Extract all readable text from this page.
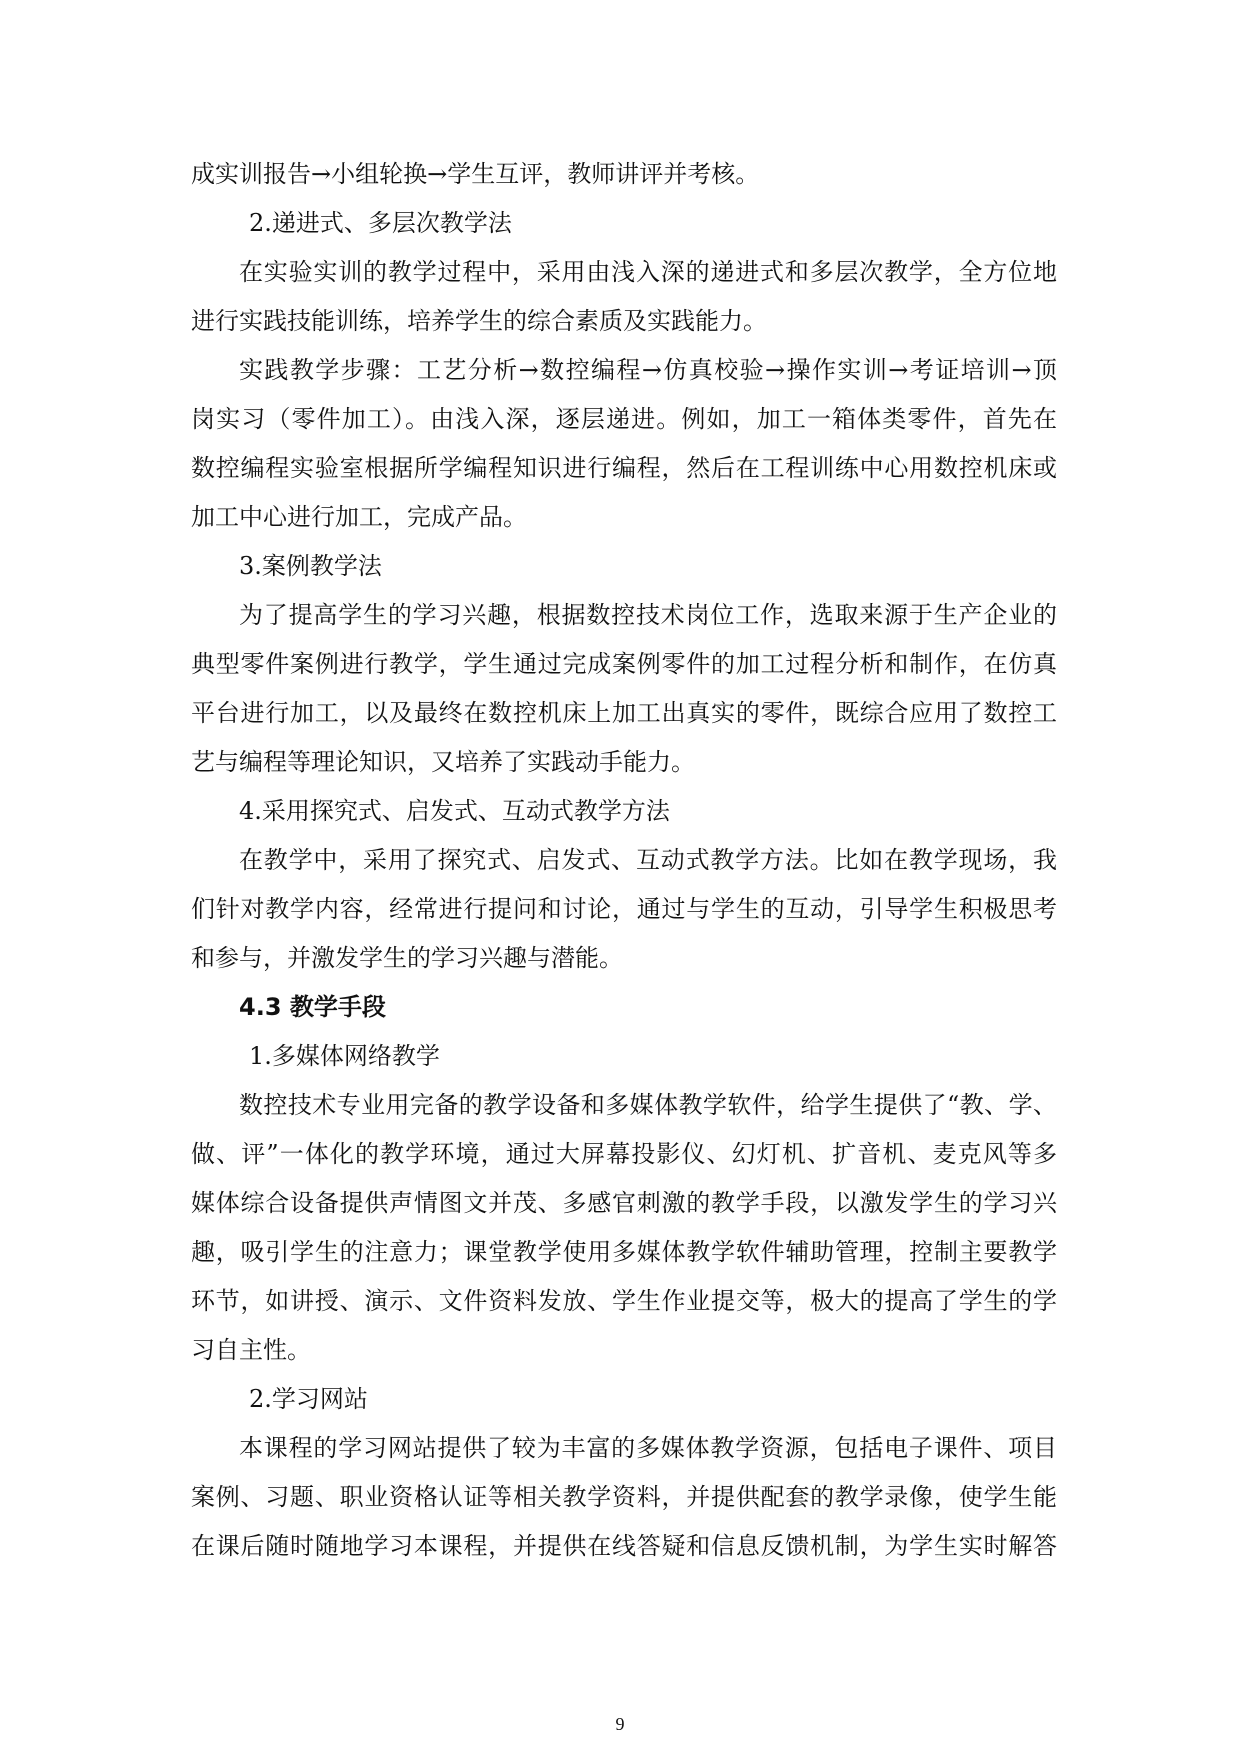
成实训报告→小组轮换→学生互评，教师讲评并考核。
2.递进式、多层次教学法
在实验实训的教学过程中，采用由浅入深的递进式和多层次教学，全方位地
进行实践技能训练，培养学生的综合素质及实践能力。
实践教学步骤：工艺分析→数控编程→仿真校验→操作实训→考证培训→顶
岗实习（零件加工）。由浅入深，逐层递进。例如，加工一箱体类零件，首先在
数控编程实验室根据所学编程知识进行编程，然后在工程训练中心用数控机床或
加工中心进行加工，完成产品。
3.案例教学法
为了提高学生的学习兴趣，根据数控技术岗位工作，选取来源于生产企业的
典型零件案例进行教学，学生通过完成案例零件的加工过程分析和制作，在仿真
平台进行加工，以及最终在数控机床上加工出真实的零件，既综合应用了数控工
艺与编程等理论知识，又培养了实践动手能力。
4.采用探究式、启发式、互动式教学方法
在教学中，采用了探究式、启发式、互动式教学方法。比如在教学现场，我
们针对教学内容，经常进行提问和讨论，通过与学生的互动，引导学生积极思考
和参与，并激发学生的学习兴趣与潜能。
4.3 教学手段
1.多媒体网络教学
数控技术专业用完备的教学设备和多媒体教学软件，给学生提供了“教、学、
做、评”一体化的教学环境，通过大屏幕投影仪、幻灯机、扩音机、麦克风等多
媒体综合设备提供声情图文并茂、多感官刺激的教学手段，以激发学生的学习兴
趣，吸引学生的注意力；课堂教学使用多媒体教学软件辅助管理，控制主要教学
环节，如讲授、演示、文件资料发放、学生作业提交等，极大的提高了学生的学
习自主性。
2.学习网站
本课程的学习网站提供了较为丰富的多媒体教学资源，包括电子课件、项目
案例、习题、职业资格认证等相关教学资料，并提供配套的教学录像，使学生能
在课后随时随地学习本课程，并提供在线答疑和信息反馈机制，为学生实时解答
9
